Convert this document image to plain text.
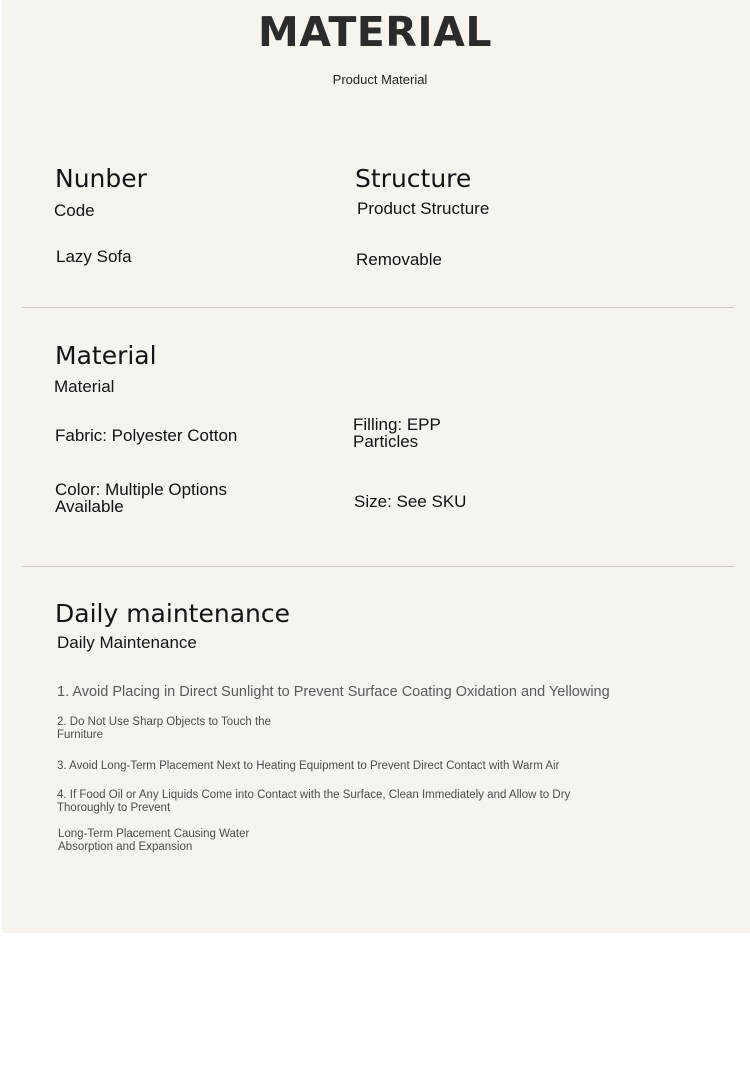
MATERIAL
Product Material
Nunber
Code
Lazy Sofa
Structure
Product Structure
Removable
Material
Material
Fabric: Polyester Cotton
Filling: EPP Particles
Color: Multiple Options Available	Size: See SKU
Daily maintenance
Daily Maintenance
1. Avoid Placing in Direct Sunlight to Prevent Surface Coating Oxidation and Yellowing
2. Do Not Use Sharp Objects to Touch the Furniture
3. Avoid Long-Term Placement Next to Heating Equipment to Prevent Direct Contact with Warm Air
4. If Food Oil or Any Liquids Come into Contact with the Surface, Clean Immediately and Allow to Dry Thoroughly to Prevent
Long-Term Placement Causing Water Absorption and Expansion
